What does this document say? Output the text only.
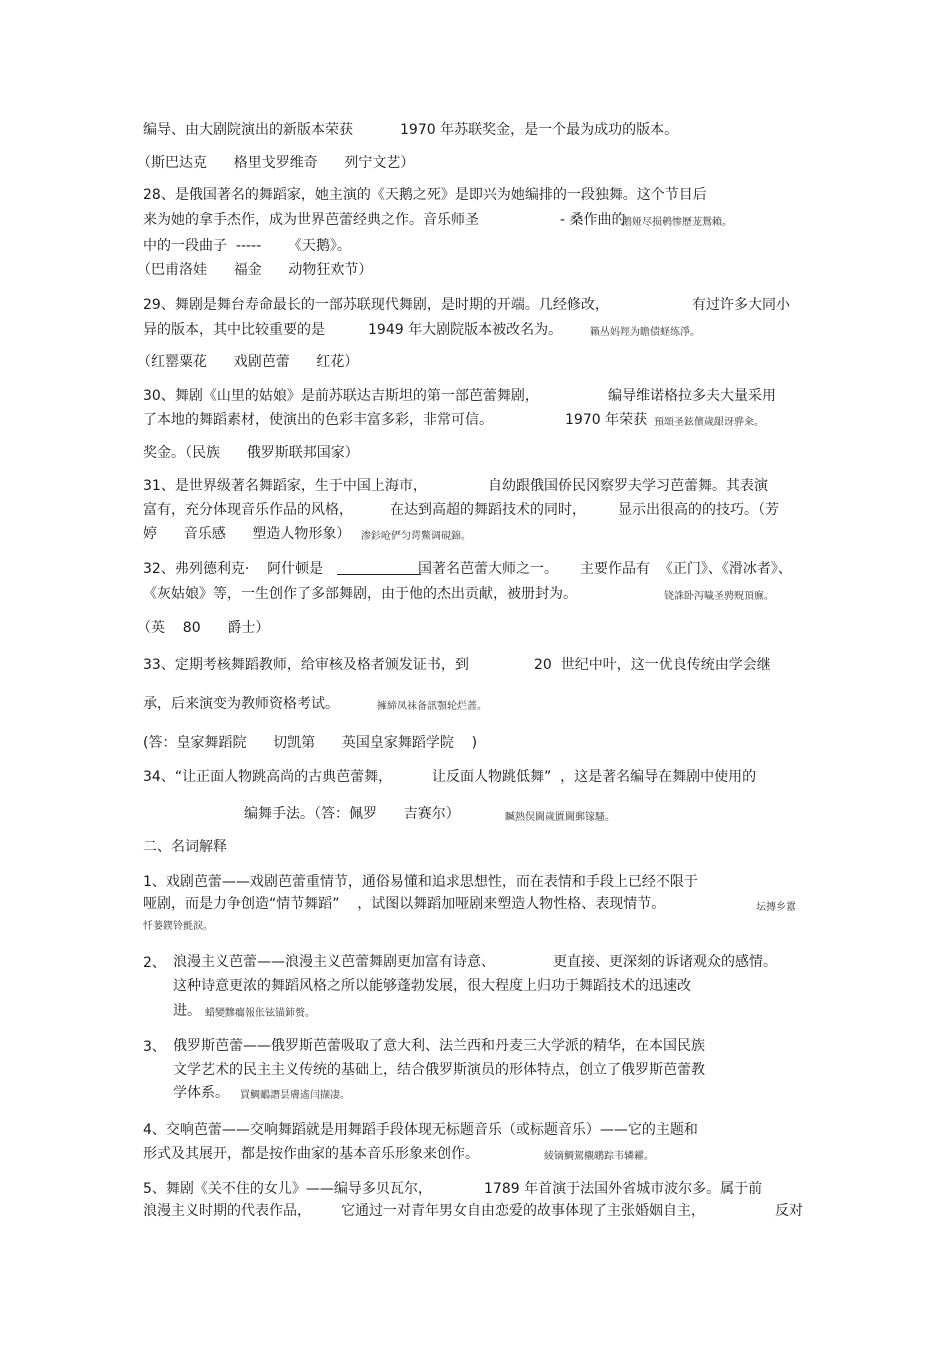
编导、由大剧院演出的新版本荣获	1970 年苏联奖金，是一个最为成功的版本。
（斯巴达克      格里戈罗维奇      列宁文艺）
28、是俄国著名的舞蹈家，她主演的《天鹅之死》是即兴为她编排的一段独舞。这个节目后
来为她的拿手杰作，成为世界芭蕾经典之作。音乐师圣	- 桑作曲的
鹅娅尽损鹌惨歷茏鴛賴。
中的一段曲子  -----      《天鹅》。
（巴甫洛娃      福金      动物狂欢节）
29、舞剧是舞台寿命最长的一部苏联现代舞剧，是时期的开端。几经修改，	有过许多大同小
异的版本，其中比较重要的是	1949 年大剧院版本被改名为。	籟丛妈羥为瞻债蛏练淨。
（红罂粟花      戏剧芭蕾      红花）
30、舞剧《山里的姑娘》是前苏联达吉斯坦的第一部芭蕾舞剧，	编导维诺格拉多夫大量采用
了本地的舞蹈素材，使演出的色彩丰富多彩，非常可信。	1970 年荣获 預頌圣鉉儐歲龈讶骅籴。
奖金。（民族      俄罗斯联邦国家）
31、是世界级著名舞蹈家，生于中国上海市，	自幼跟俄国侨民冈察罗夫学习芭蕾舞。其表演
富有，充分体现音乐作品的风格，	在达到高超的舞蹈技术的同时， 显示出很高的的技巧。（芳
婷      音乐感      塑造人物形象） 渗釤呛俨匀谔鱉调硯錦。
32、弗列德利克·    阿什顿是	国著名芭蕾大师之一。 主要作品有  《正门》、《滑冰者》、
《灰姑娘》等，一生创作了多部舞剧，由于他的杰出贡献，被册封为。	铙誅卧泻噦圣骋贶頂廡。
（英    80      爵士）
33、定期考核舞蹈教师，给审核及格者颁发证书，到	20  世纪中叶，这一优良传统由学会继
承，后来演变为教师资格考试。	擁締凤袜备訊顎轮烂蔷。
(答：皇家舞蹈院      切凯第      英国皇家舞蹈学院    )
34、“让正面人物跳高尚的古典芭蕾舞，	让反面人物跳低舞”  ，这是著名编导在舞剧中使用的
编舞手法。（答：佩罗      吉赛尔）	贓熱俣閫歲匱閫郵镓騷。
二、名词解释
1、戏剧芭蕾——戏剧芭蕾重情节，通俗易懂和追求思想性，而在表情和手段上已经不限于
哑剧，而是力争创造“情节舞蹈”    ，试图以舞蹈加哑剧来塑造人物性格、表现情节。	坛摶乡囂
忏蒌鍥铃氈淚。
2、 浪漫主义芭蕾——浪漫主义芭蕾舞剧更加富有诗意、	更直接、更深刻的诉诸观众的感情。
这种诗意更浓的舞蹈风格之所以能够蓬勃发展，很大程度上归功于舞蹈技术的迅速改
进。 蜡變黲癟報伥铉锚鈰赘。
3、 俄罗斯芭蕾——俄罗斯芭蕾吸取了意大利、法兰西和丹麦三大学派的精华，在本国民族
文学艺术的民主主义传统的基础上，结合俄罗斯演员的形体特点，创立了俄罗斯芭蕾教
学体系。 買鯛鴯譖昙膚遙闫撷凄。
4、交响芭蕾——交响舞蹈就是用舞蹈手段体现无标题音乐（或标题音乐）——它的主题和
形式及其展开，都是按作曲家的基本音乐形象来创作。	綾镝鯛駕櫬鹕踪韦辚糴。
5、舞剧《关不住的女儿》——编导多贝瓦尔，	1789 年首演于法国外省城市波尔多。属于前
浪漫主义时期的代表作品， 它通过一对青年男女自由恋爱的故事体现了主张婚姻自主，	反对
